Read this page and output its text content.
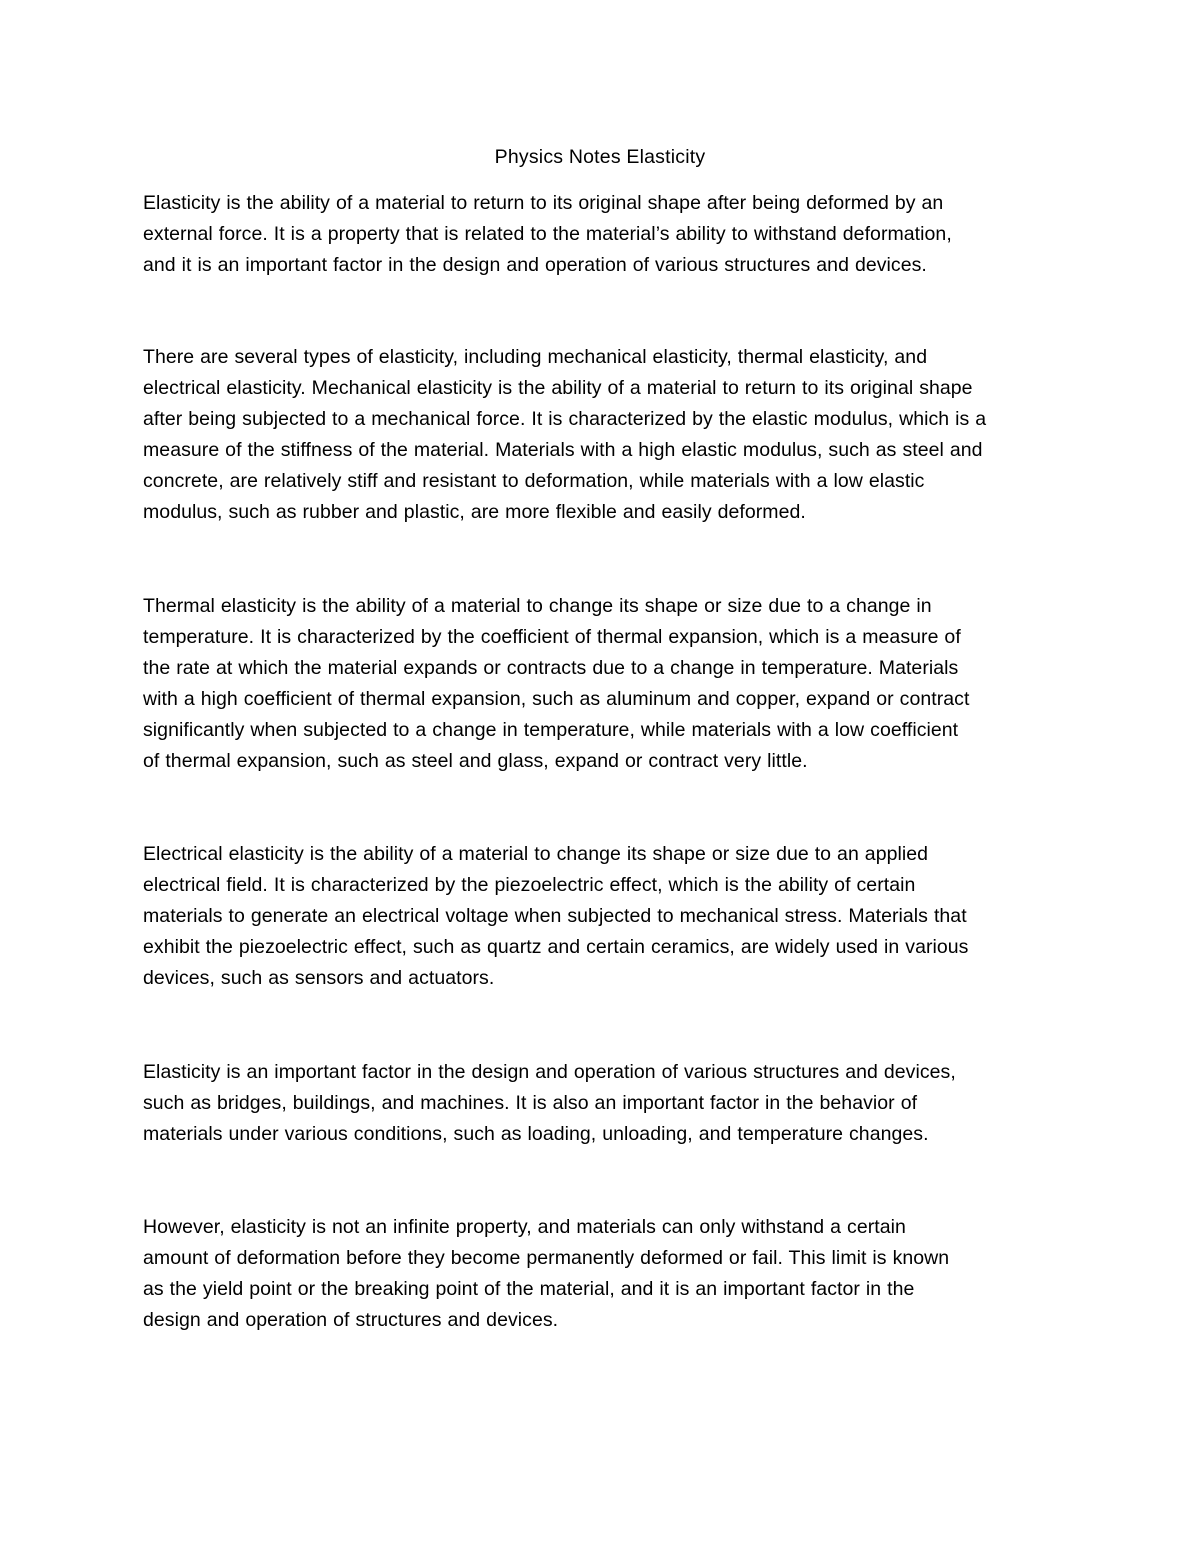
Physics Notes Elasticity
Elasticity is the ability of a material to return to its original shape after being deformed by an
external force. It is a property that is related to the material’s ability to withstand deformation,
and it is an important factor in the design and operation of various structures and devices.
There are several types of elasticity, including mechanical elasticity, thermal elasticity, and
electrical elasticity. Mechanical elasticity is the ability of a material to return to its original shape
after being subjected to a mechanical force. It is characterized by the elastic modulus, which is a
measure of the stiffness of the material. Materials with a high elastic modulus, such as steel and
concrete, are relatively stiff and resistant to deformation, while materials with a low elastic
modulus, such as rubber and plastic, are more flexible and easily deformed.
Thermal elasticity is the ability of a material to change its shape or size due to a change in
temperature. It is characterized by the coefficient of thermal expansion, which is a measure of
the rate at which the material expands or contracts due to a change in temperature. Materials
with a high coefficient of thermal expansion, such as aluminum and copper, expand or contract
significantly when subjected to a change in temperature, while materials with a low coefficient
of thermal expansion, such as steel and glass, expand or contract very little.
Electrical elasticity is the ability of a material to change its shape or size due to an applied
electrical field. It is characterized by the piezoelectric effect, which is the ability of certain
materials to generate an electrical voltage when subjected to mechanical stress. Materials that
exhibit the piezoelectric effect, such as quartz and certain ceramics, are widely used in various
devices, such as sensors and actuators.
Elasticity is an important factor in the design and operation of various structures and devices,
such as bridges, buildings, and machines. It is also an important factor in the behavior of
materials under various conditions, such as loading, unloading, and temperature changes.
However, elasticity is not an infinite property, and materials can only withstand a certain
amount of deformation before they become permanently deformed or fail. This limit is known
as the yield point or the breaking point of the material, and it is an important factor in the
design and operation of structures and devices.
